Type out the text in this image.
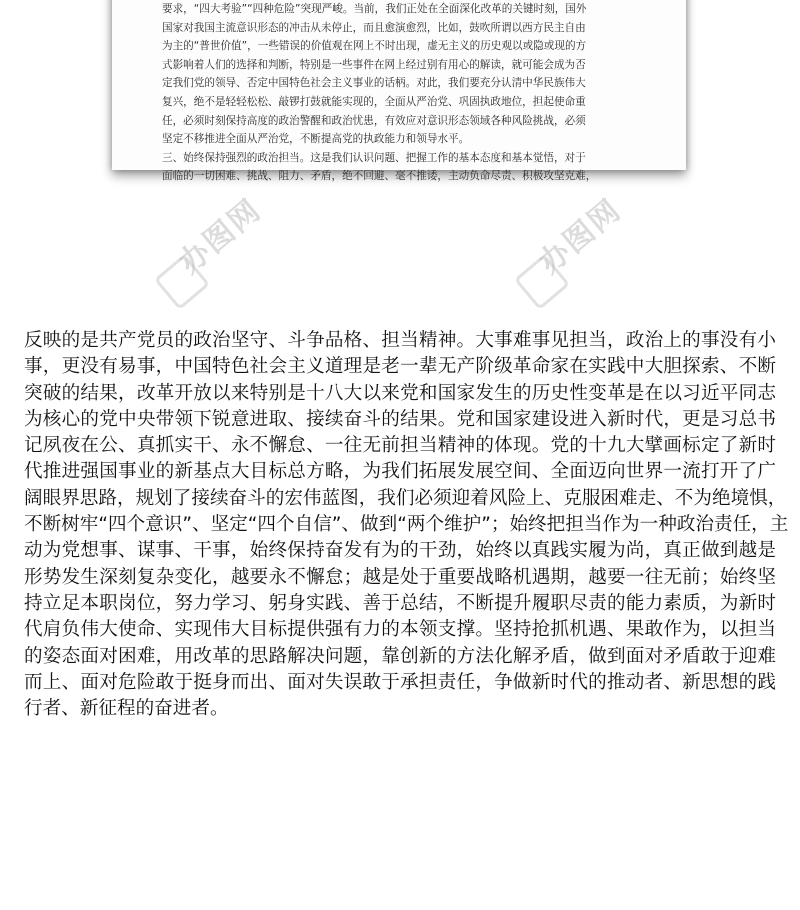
要求，“四大考验”“四种危险”突现严峻。当前，我们正处在全面深化改革的关键时刻，国外
国家对我国主流意识形态的冲击从未停止，而且愈演愈烈，比如，鼓吹所谓以西方民主自由
为主的“普世价值”，一些错误的价值观在网上不时出现，虚无主义的历史观以或隐或现的方
式影响着人们的选择和判断，特别是一些事件在网上经过别有用心的解读，就可能会成为否
定我们党的领导、否定中国特色社会主义事业的话柄。对此，我们要充分认清中华民族伟大
复兴，绝不是轻轻松松、敲锣打鼓就能实现的，全面从严治党、巩固执政地位，担起使命重
任，必须时刻保持高度的政治警醒和政治忧患，有效应对意识形态领域各种风险挑战，必须
坚定不移推进全面从严治党，不断提高党的执政能力和领导水平。
三、始终保持强烈的政治担当。这是我们认识问题、把握工作的基本态度和基本觉悟，对于
面临的一切困难、挑战、阻力、矛盾，绝不回避、毫不推诿，主动负命尽责、积极攻坚克难，
办图网	办图网
反映的是共产党员的政治坚守、斗争品格、担当精神。大事难事见担当，政治上的事没有小
事，更没有易事，中国特色社会主义道理是老一辈无产阶级革命家在实践中大胆探索、不断
突破的结果，改革开放以来特别是十八大以来党和国家发生的历史性变革是在以习近平同志
为核心的党中央带领下锐意进取、接续奋斗的结果。党和国家建设进入新时代，更是习总书
记夙夜在公、真抓实干、永不懈怠、一往无前担当精神的体现。党的十九大擘画标定了新时
代推进强国事业的新基点大目标总方略，为我们拓展发展空间、全面迈向世界一流打开了广
阔眼界思路，规划了接续奋斗的宏伟蓝图，我们必须迎着风险上、克服困难走、不为绝境惧，
不断树牢“四个意识”、坚定“四个自信”、做到“两个维护”；始终把担当作为一种政治责任，主
动为党想事、谋事、干事，始终保持奋发有为的干劲，始终以真践实履为尚，真正做到越是
形势发生深刻复杂变化，越要永不懈怠；越是处于重要战略机遇期，越要一往无前；始终坚
持立足本职岗位，努力学习、躬身实践、善于总结，不断提升履职尽责的能力素质，为新时
代肩负伟大使命、实现伟大目标提供强有力的本领支撑。坚持抢抓机遇、果敢作为，以担当
的姿态面对困难，用改革的思路解决问题，靠创新的方法化解矛盾，做到面对矛盾敢于迎难
而上、面对危险敢于挺身而出、面对失误敢于承担责任，争做新时代的推动者、新思想的践
行者、新征程的奋进者。
